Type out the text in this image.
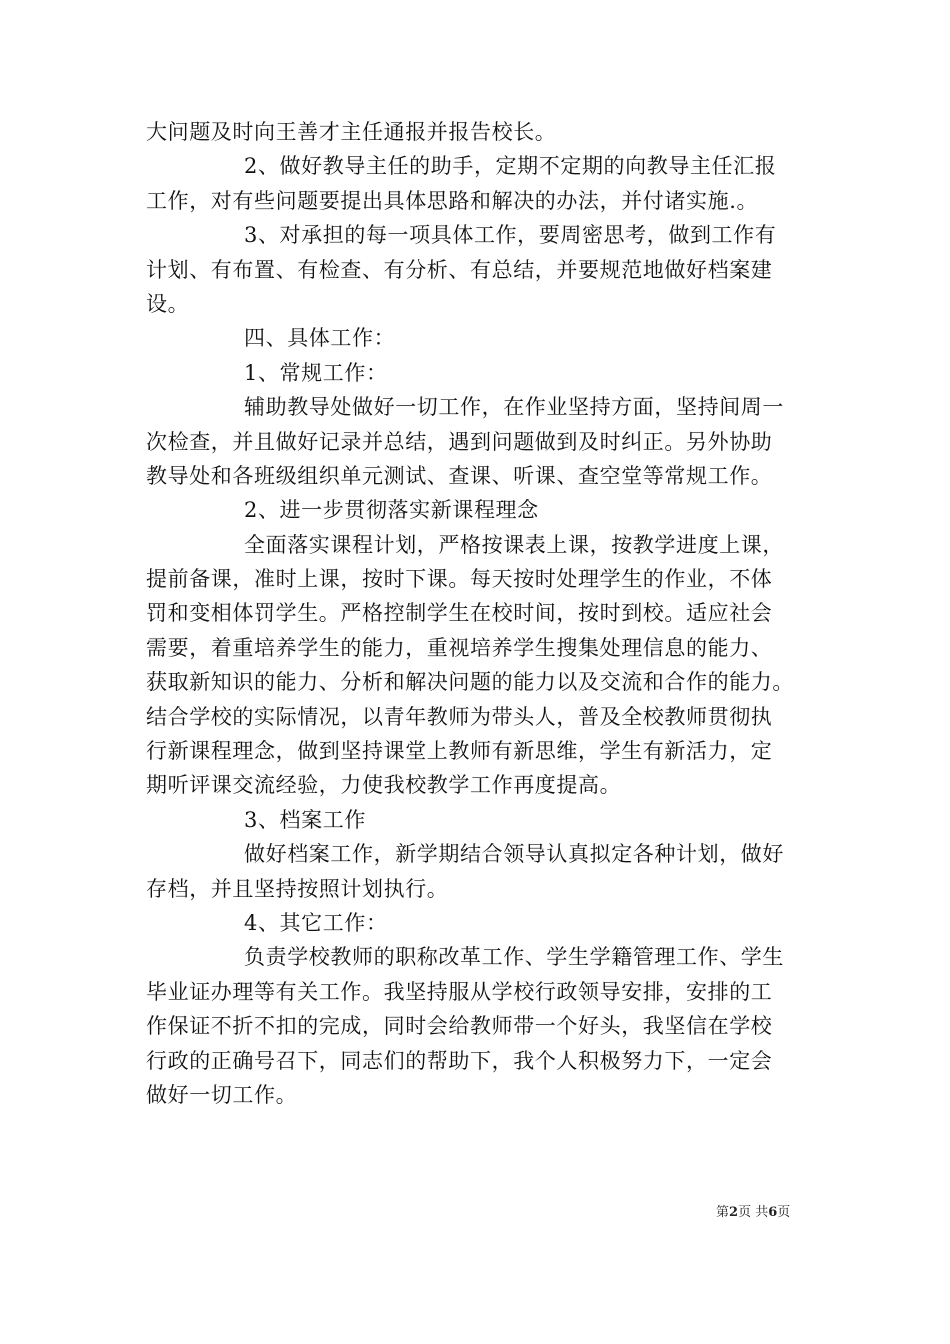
大问题及时向王善才主任通报并报告校长。
2、做好教导主任的助手，定期不定期的向教导主任汇报
工作，对有些问题要提出具体思路和解决的办法，并付诸实施.。
3、对承担的每一项具体工作，要周密思考，做到工作有
计划、有布置、有检查、有分析、有总结，并要规范地做好档案建
设。
四、具体工作：
1、常规工作：
辅助教导处做好一切工作，在作业坚持方面，坚持间周一
次检查，并且做好记录并总结，遇到问题做到及时纠正。另外协助
教导处和各班级组织单元测试、查课、听课、查空堂等常规工作。
2、进一步贯彻落实新课程理念
全面落实课程计划，严格按课表上课，按教学进度上课，
提前备课，准时上课，按时下课。每天按时处理学生的作业，不体
罚和变相体罚学生。严格控制学生在校时间，按时到校。适应社会
需要，着重培养学生的能力，重视培养学生搜集处理信息的能力、
获取新知识的能力、分析和解决问题的能力以及交流和合作的能力。
结合学校的实际情况，以青年教师为带头人，普及全校教师贯彻执
行新课程理念，做到坚持课堂上教师有新思维，学生有新活力，定
期听评课交流经验，力使我校教学工作再度提高。
3、档案工作
做好档案工作，新学期结合领导认真拟定各种计划，做好
存档，并且坚持按照计划执行。
4、其它工作：
负责学校教师的职称改革工作、学生学籍管理工作、学生
毕业证办理等有关工作。我坚持服从学校行政领导安排，安排的工
作保证不折不扣的完成，同时会给教师带一个好头，我坚信在学校
行政的正确号召下，同志们的帮助下，我个人积极努力下，一定会
做好一切工作。
第2页 共6页
